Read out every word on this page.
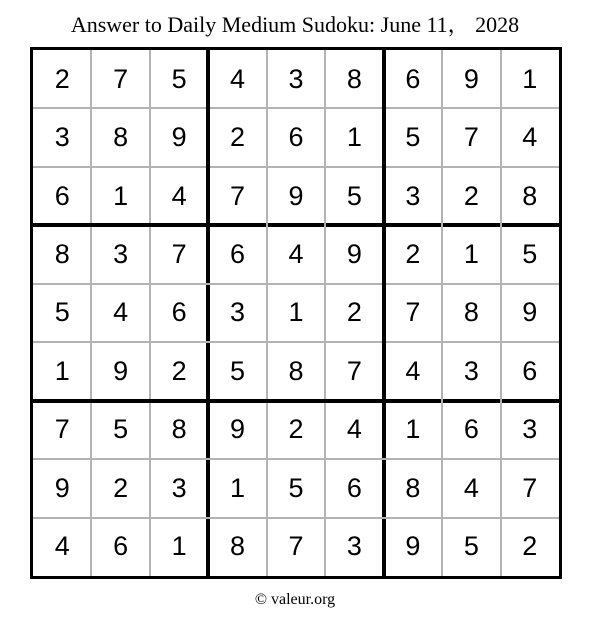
Answer to Daily Medium Sudoku: June 11， 2028
2	7	5	4	3	8	6	9	1
3	8	9	2	6	1	5	7	4
6	1	4	7	9	5	3	2	8
8	3	7	6	4	9	2	1	5
5	4	6	3	1	2	7	8	9
1	9	2	5	8	7	4	3	6
7	5	8	9	2	4	1	6	3
9	2	3	1	5	6	8	4	7
4	6	1	8	7	3	9	5	2
© valeur.org
